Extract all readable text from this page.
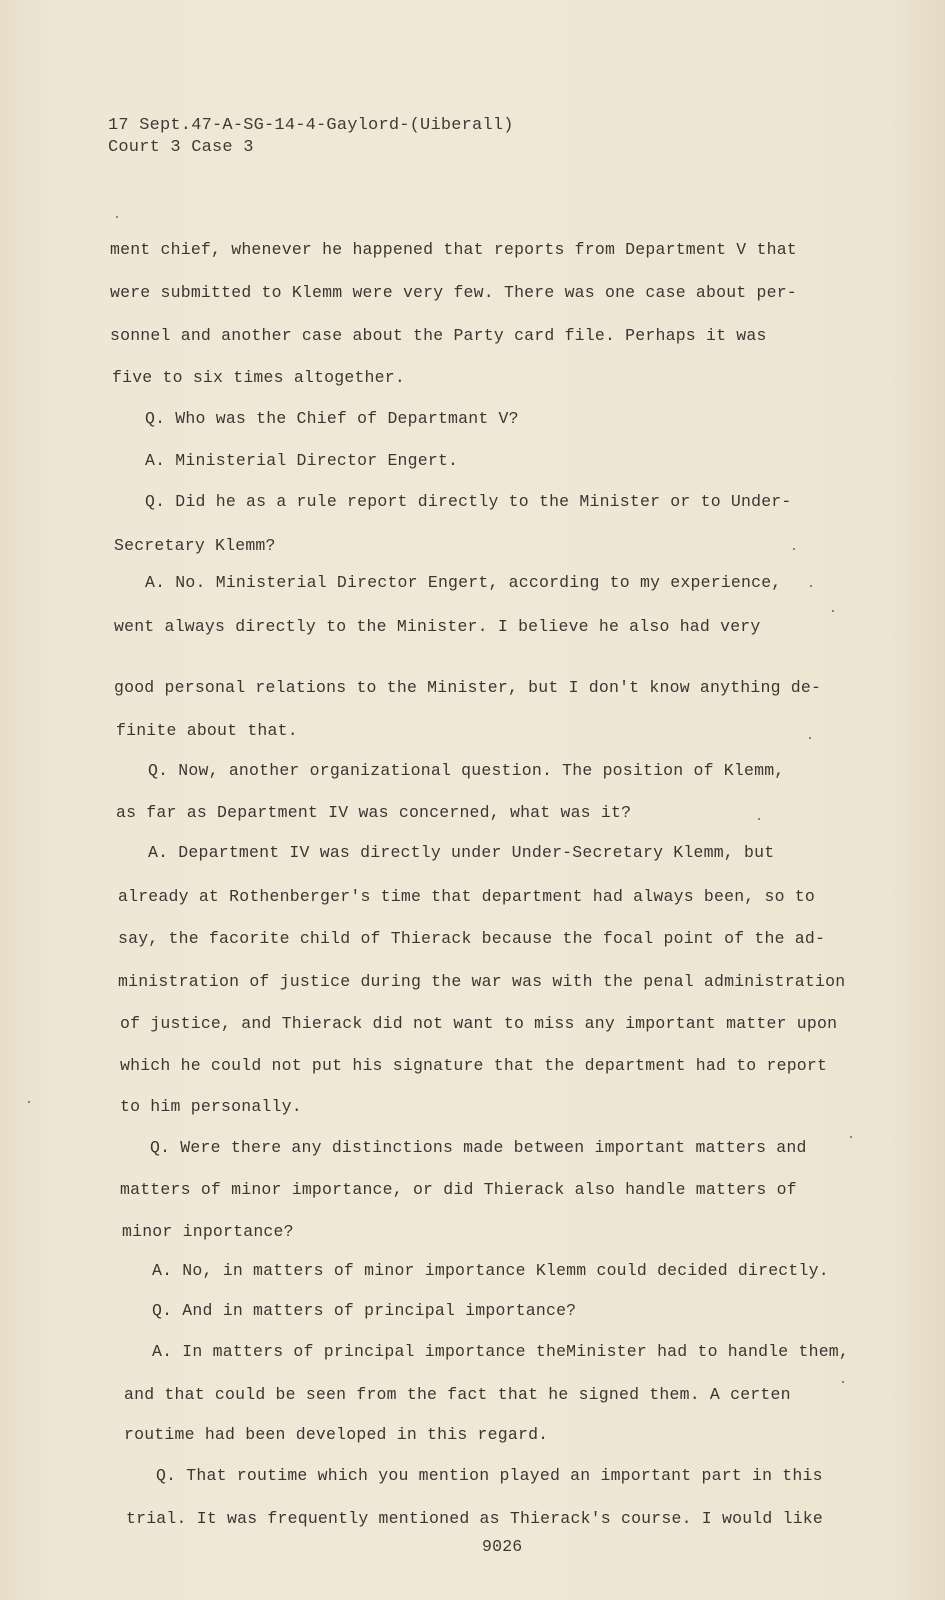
17 Sept.47-A-SG-14-4-Gaylord-(Uiberall)
Court 3 Case 3
ment chief, whenever he happened that reports from Department V that
were submitted to Klemm were very few. There was one case about per-
sonnel and another case about the Party card file. Perhaps it was
five to six times altogether.
Q. Who was the Chief of Departmant V?
A. Ministerial Director Engert.
Q. Did he as a rule report directly to the Minister or to Under-
Secretary Klemm?
A. No. Ministerial Director Engert, according to my experience,
went always directly to the Minister. I believe he also had very
good personal relations to the Minister, but I don't know anything de-
finite about that.
Q. Now, another organizational question. The position of Klemm,
as far as Department IV was concerned, what was it?
A. Department IV was directly under Under-Secretary Klemm, but
already at Rothenberger's time that department had always been, so to
say, the facorite child of Thierack because the focal point of the ad-
ministration of justice during the war was with the penal administration
of justice, and Thierack did not want to miss any important matter upon
which he could not put his signature that the department had to report
to him personally.
Q. Were there any distinctions made between important matters and
matters of minor importance, or did Thierack also handle matters of
minor inportance?
A. No, in matters of minor importance Klemm could decided directly.
Q. And in matters of principal importance?
A. In matters of principal importance theMinister had to handle them,
and that could be seen from the fact that he signed them. A certen
routime had been developed in this regard.
Q. That routime which you mention played an important part in this
trial. It was frequently mentioned as Thierack's course. I would like
9026
